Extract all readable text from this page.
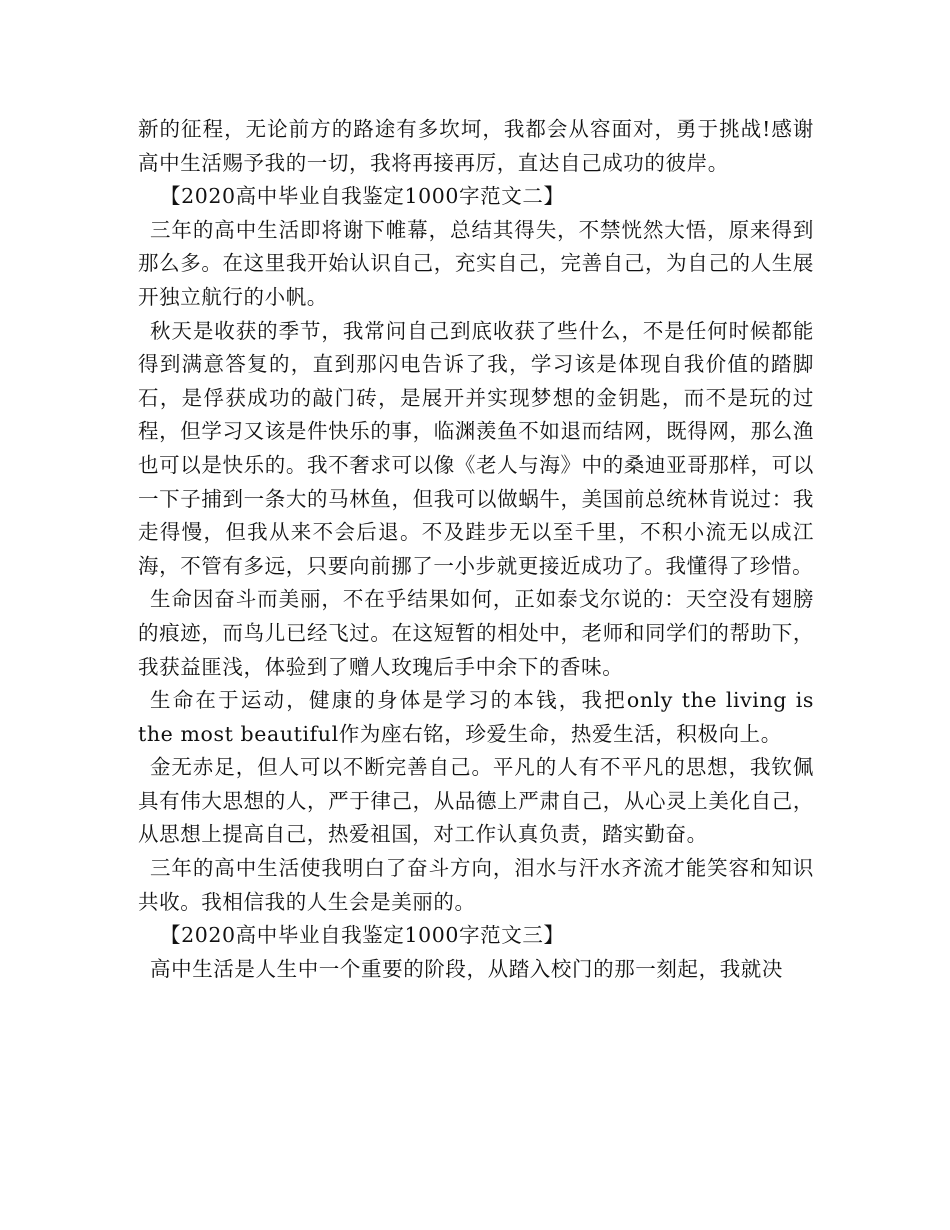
新的征程，无论前方的路途有多坎坷，我都会从容面对，勇于挑战!感谢高中生活赐予我的一切，我将再接再厉，直达自己成功的彼岸。

【2020高中毕业自我鉴定1000字范文二】

三年的高中生活即将谢下帷幕，总结其得失，不禁恍然大悟，原来得到那么多。在这里我开始认识自己，充实自己，完善自己，为自己的人生展开独立航行的小帆。

秋天是收获的季节，我常问自己到底收获了些什么，不是任何时候都能得到满意答复的，直到那闪电告诉了我，学习该是体现自我价值的踏脚石，是俘获成功的敲门砖，是展开并实现梦想的金钥匙，而不是玩的过程，但学习又该是件快乐的事，临渊羡鱼不如退而结网，既得网，那么渔也可以是快乐的。我不奢求可以像《老人与海》中的桑迪亚哥那样，可以一下子捕到一条大的马林鱼，但我可以做蜗牛，美国前总统林肯说过：我走得慢，但我从来不会后退。不及跬步无以至千里，不积小流无以成江海，不管有多远，只要向前挪了一小步就更接近成功了。我懂得了珍惜。

生命因奋斗而美丽，不在乎结果如何，正如泰戈尔说的：天空没有翅膀的痕迹，而鸟儿已经飞过。在这短暂的相处中，老师和同学们的帮助下，我获益匪浅，体验到了赠人玫瑰后手中余下的香味。

生命在于运动，健康的身体是学习的本钱，我把only the living is the most beautiful作为座右铭，珍爱生命，热爱生活，积极向上。

金无赤足，但人可以不断完善自己。平凡的人有不平凡的思想，我钦佩具有伟大思想的人，严于律己，从品德上严肃自己，从心灵上美化自己，从思想上提高自己，热爱祖国，对工作认真负责，踏实勤奋。

三年的高中生活使我明白了奋斗方向，泪水与汗水齐流才能笑容和知识共收。我相信我的人生会是美丽的。

【2020高中毕业自我鉴定1000字范文三】

高中生活是人生中一个重要的阶段，从踏入校门的那一刻起，我就决
